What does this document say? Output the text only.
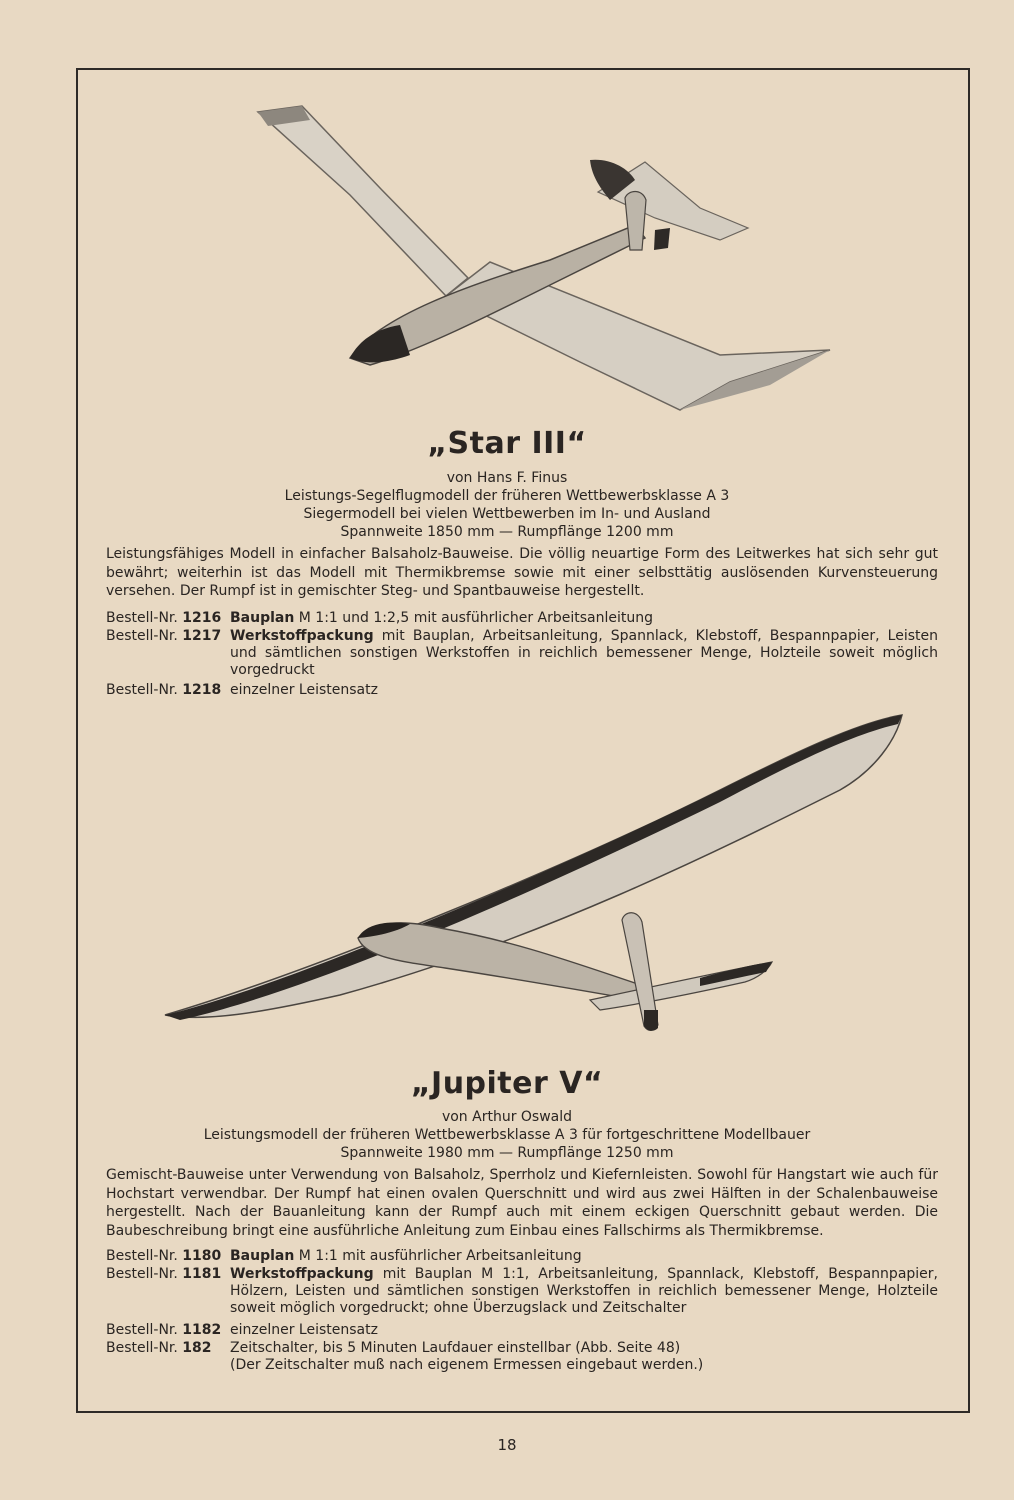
„Star III“
von Hans F. Finus
Leistungs-Segelflugmodell der früheren Wettbewerbsklasse A 3
Siegermodell bei vielen Wettbewerben im In- und Ausland
Spannweite 1850 mm — Rumpflänge 1200 mm
Leistungsfähiges Modell in einfacher Balsaholz-Bauweise. Die völlig neuartige Form des Leitwerkes hat sich sehr gut bewährt; weiterhin ist das Modell mit Thermikbremse sowie mit einer selbsttätig auslösenden Kurvensteuerung versehen. Der Rumpf ist in gemischter Steg- und Spantbauweise hergestellt.
Bestell-Nr. 1216 Bauplan M 1:1 und 1:2,5 mit ausführlicher Arbeitsanleitung
Bestell-Nr. 1217 Werkstoffpackung mit Bauplan, Arbeitsanleitung, Spannlack, Klebstoff, Bespannpapier, Leisten und sämtlichen sonstigen Werkstoffen in reichlich bemessener Menge, Holzteile soweit möglich vorgedruckt
Bestell-Nr. 1218 einzelner Leistensatz
„Jupiter V“
von Arthur Oswald
Leistungsmodell der früheren Wettbewerbsklasse A 3 für fortgeschrittene Modellbauer
Spannweite 1980 mm — Rumpflänge 1250 mm
Gemischt-Bauweise unter Verwendung von Balsaholz, Sperrholz und Kiefernleisten. Sowohl für Hangstart wie auch für Hochstart verwendbar. Der Rumpf hat einen ovalen Querschnitt und wird aus zwei Hälften in der Schalenbauweise hergestellt. Nach der Bauanleitung kann der Rumpf auch mit einem eckigen Querschnitt gebaut werden. Die Baubeschreibung bringt eine ausführliche Anleitung zum Einbau eines Fallschirms als Thermikbremse.
Bestell-Nr. 1180 Bauplan M 1:1 mit ausführlicher Arbeitsanleitung
Bestell-Nr. 1181 Werkstoffpackung mit Bauplan M 1:1, Arbeitsanleitung, Spannlack, Klebstoff, Bespannpapier, Hölzern, Leisten und sämtlichen sonstigen Werkstoffen in reichlich bemessener Menge, Holzteile soweit möglich vorgedruckt; ohne Überzugslack und Zeitschalter
Bestell-Nr. 1182 einzelner Leistensatz
Bestell-Nr. 182	Zeitschalter, bis 5 Minuten Laufdauer einstellbar (Abb. Seite 48)
(Der Zeitschalter muß nach eigenem Ermessen eingebaut werden.)
18
